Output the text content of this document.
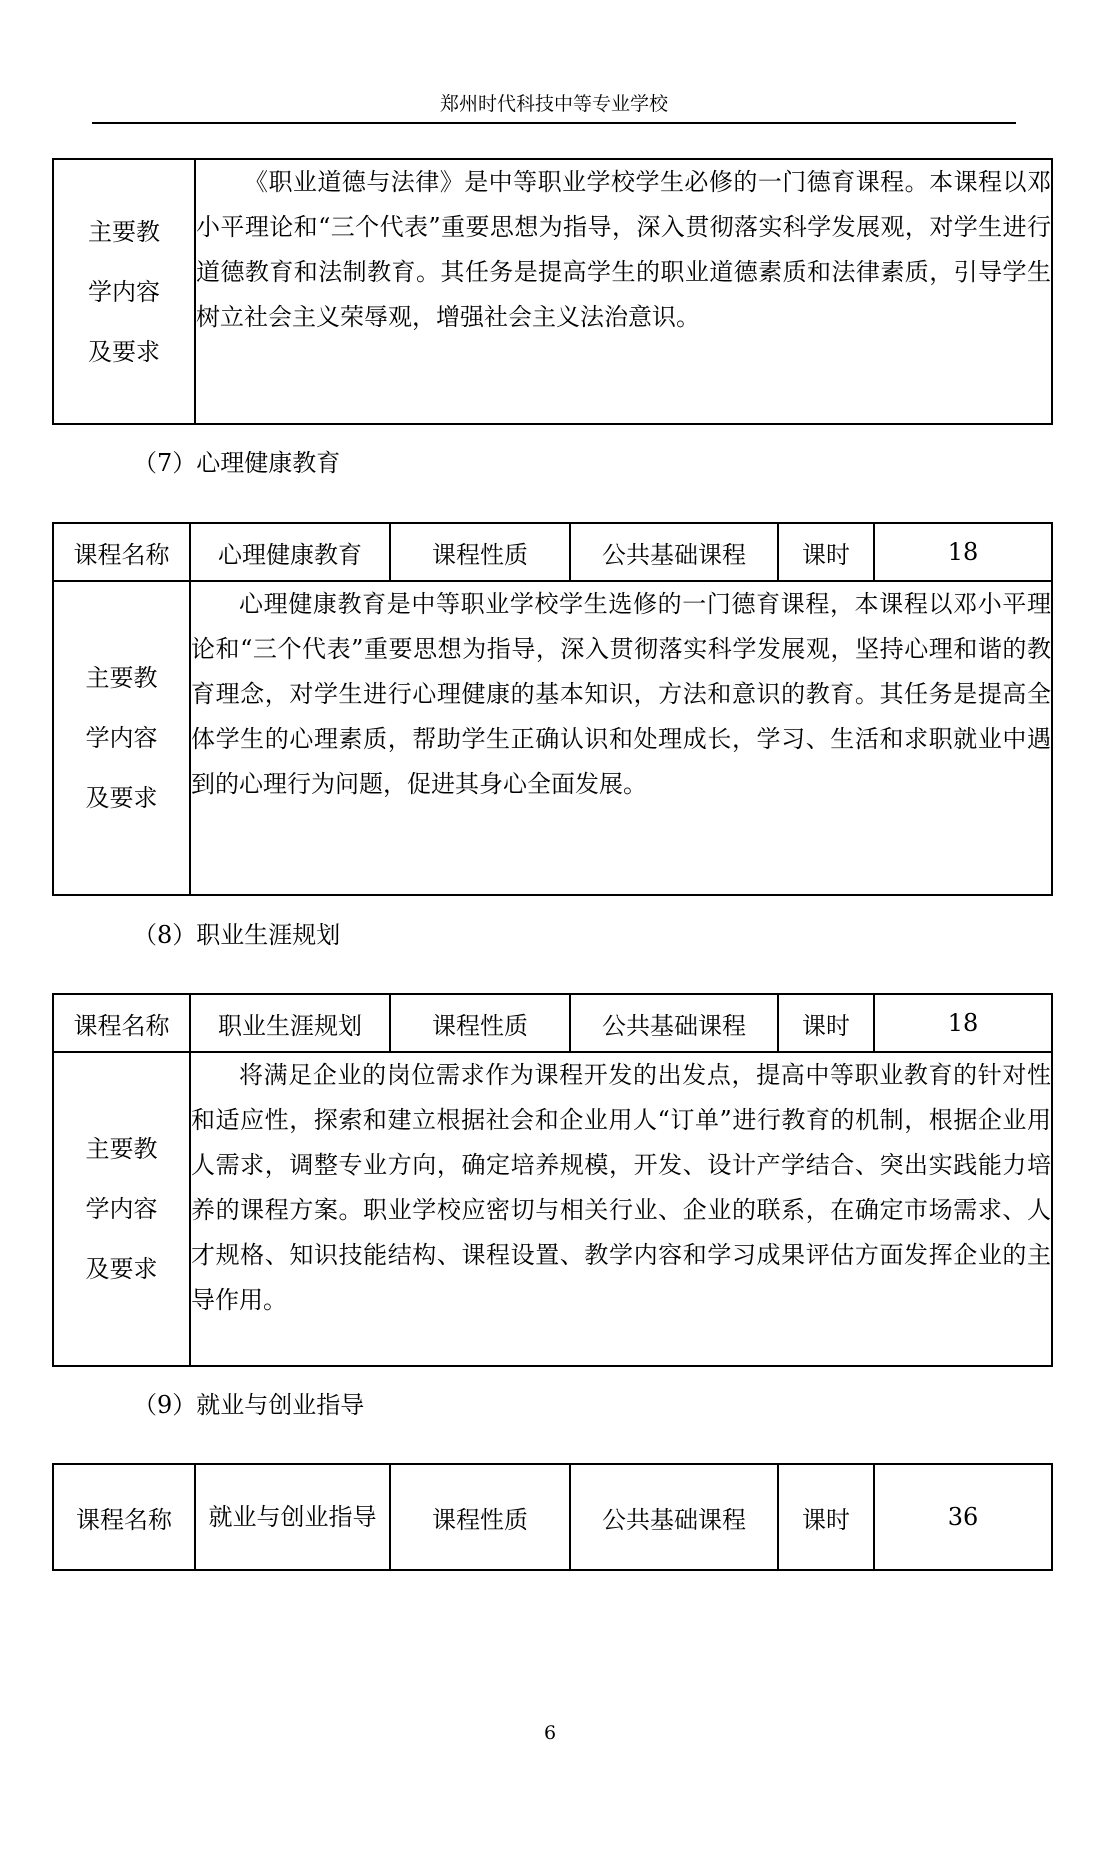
郑州时代科技中等专业学校
主要教学内容及要求
	《职业道德与法律》是中等职业学校学生必修的一门德育课程。本课程以邓小平理论和“三个代表”重要思想为指导，深入贯彻落实科学发展观，对学生进行道德教育和法制教育。其任务是提高学生的职业道德素质和法律素质，引导学生树立社会主义荣辱观，增强社会主义法治意识。
（7）心理健康教育
课程名称	心理健康教育	课程性质	公共基础课程	课时	18

主要教学内容及要求	心理健康教育是中等职业学校学生选修的一门德育课程，本课程以邓小平理论和“三个代表”重要思想为指导，深入贯彻落实科学发展观，坚持心理和谐的教育理念，对学生进行心理健康的基本知识，方法和意识的教育。其任务是提高全体学生的心理素质，帮助学生正确认识和处理成长，学习、生活和求职就业中遇到的心理行为问题，促进其身心全面发展。				
（8）职业生涯规划
课程名称	职业生涯规划	课程性质	公共基础课程	课时	18

主要教学内容及要求	将满足企业的岗位需求作为课程开发的出发点，提高中等职业教育的针对性和适应性，探索和建立根据社会和企业用人“订单”进行教育的机制，根据企业用人需求，调整专业方向，确定培养规模，开发、设计产学结合、突出实践能力培养的课程方案。职业学校应密切与相关行业、企业的联系，在确定市场需求、人才规格、知识技能结构、课程设置、教学内容和学习成果评估方面发挥企业的主导作用。				
（9）就业与创业指导
课程名称	就业与创业指导	课程性质	公共基础课程	课时	36
6
